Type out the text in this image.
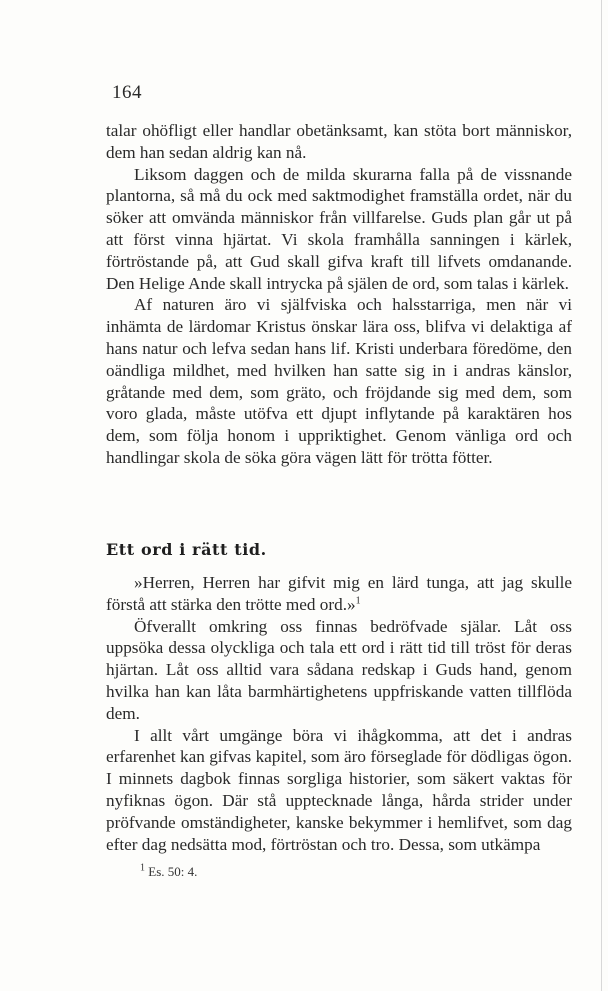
164

talar ohöfligt eller handlar obetänksamt, kan stöta bort människor, dem han sedan aldrig kan nå.

Liksom daggen och de milda skurarna falla på de vissnande plantorna, så må du ock med saktmodighet framställa ordet, när du söker att omvända människor från villfarelse. Guds plan går ut på att först vinna hjärtat. Vi skola framhålla sanningen i kärlek, förtröstande på, att Gud skall gifva kraft till lifvets omdanande. Den Helige Ande skall intrycka på själen de ord, som talas i kärlek.

Af naturen äro vi själfviska och halsstarriga, men när vi inhämta de lärdomar Kristus önskar lära oss, blifva vi delaktiga af hans natur och lefva sedan hans lif. Kristi underbara föredöme, den oändliga mildhet, med hvilken han satte sig in i andras känslor, gråtande med dem, som gräto, och fröjdande sig med dem, som voro glada, måste utöfva ett djupt inflytande på karaktären hos dem, som följa honom i uppriktighet. Genom vänliga ord och handlingar skola de söka göra vägen lätt för trötta fötter.

Ett ord i rätt tid.

»Herren, Herren har gifvit mig en lärd tunga, att jag skulle förstå att stärka den trötte med ord.»$^1$

Öfverallt omkring oss finnas bedröfvade själar. Låt oss uppsöka dessa olyckliga och tala ett ord i rätt tid till tröst för deras hjärtan. Låt oss alltid vara sådana redskap i Guds hand, genom hvilka han kan låta barmhärtighetens uppfriskande vatten tillflöda dem.

I allt vårt umgänge böra vi ihågkomma, att det i andras erfarenhet kan gifvas kapitel, som äro förseglade för dödligas ögon. I minnets dagbok finnas sorgliga historier, som säkert vaktas för nyfiknas ögon. Där stå upptecknade långa, hårda strider under pröfvande omständigheter, kanske bekymmer i hemlifvet, som dag efter dag nedsätta mod, förtröstan och tro. Dessa, som utkämpa

$^1$ Es. 50: 4.
